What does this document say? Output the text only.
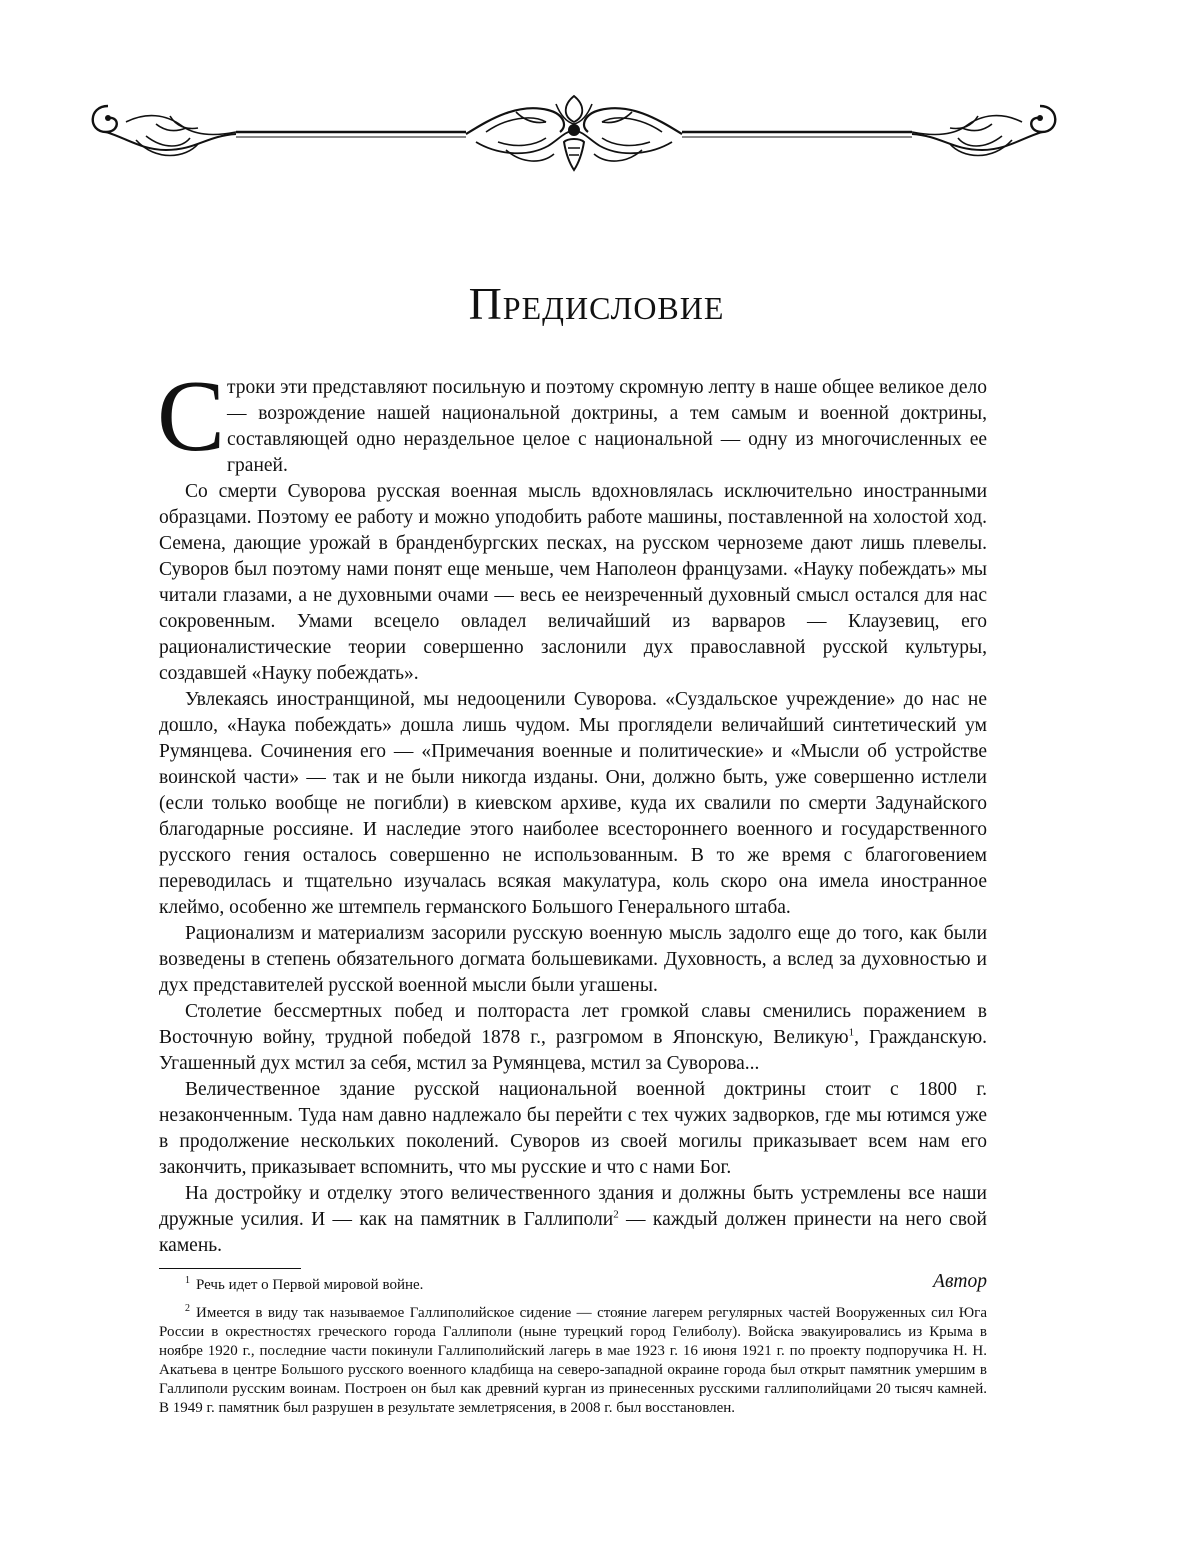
Предисловие

Строки эти представляют посильную и поэтому скромную лепту в наше общее великое дело — возрождение нашей национальной доктрины, а тем самым и военной доктрины, составляющей одно нераздельное целое с национальной — одну из многочисленных ее граней.

Со смерти Суворова русская военная мысль вдохновлялась исключительно иностранными образцами. Поэтому ее работу и можно уподобить работе машины, поставленной на холостой ход. Семена, дающие урожай в бранденбургских песках, на русском черноземе дают лишь плевелы. Суворов был поэтому нами понят еще меньше, чем Наполеон французами. «Науку побеждать» мы читали глазами, а не духовными очами — весь ее неизреченный духовный смысл остался для нас сокровенным. Умами всецело овладел величайший из варваров — Клаузевиц, его рационалистические теории совершенно заслонили дух православной русской культуры, создавшей «Науку побеждать».

Увлекаясь иностранщиной, мы недооценили Суворова. «Суздальское учреждение» до нас не дошло, «Наука побеждать» дошла лишь чудом. Мы проглядели величайший синтетический ум Румянцева. Сочинения его — «Примечания военные и политические» и «Мысли об устройстве воинской части» — так и не были никогда изданы. Они, должно быть, уже совершенно истлели (если только вообще не погибли) в киевском архиве, куда их свалили по смерти Задунайского благодарные россияне. И наследие этого наиболее всестороннего военного и государственного русского гения осталось совершенно не использованным. В то же время с благоговением переводилась и тщательно изучалась всякая макулатура, коль скоро она имела иностранное клеймо, особенно же штемпель германского Большого Генерального штаба.

Рационализм и материализм засорили русскую военную мысль задолго еще до того, как были возведены в степень обязательного догмата большевиками. Духовность, а вслед за духовностью и дух представителей русской военной мысли были угашены.

Столетие бессмертных побед и полтораста лет громкой славы сменились поражением в Восточную войну, трудной победой 1878 г., разгромом в Японскую, Великую$^1$, Гражданскую. Угашенный дух мстил за себя, мстил за Румянцева, мстил за Суворова...

Величественное здание русской национальной военной доктрины стоит с 1800 г. незаконченным. Туда нам давно надлежало бы перейти с тех чужих задворков, где мы ютимся уже в продолжение нескольких поколений. Суворов из своей могилы приказывает всем нам его закончить, приказывает вспомнить, что мы русские и что с нами Бог.

На достройку и отделку этого величественного здания и должны быть устремлены все наши дружные усилия. И — как на памятник в Галлиполи$^2$ — каждый должен принести на него свой камень.

Автор

$^1$ Речь идет о Первой мировой войне.

$^2$ Имеется в виду так называемое Галлиполийское сидение — стояние лагерем регулярных частей Вооруженных сил Юга России в окрестностях греческого города Галлиполи (ныне турецкий город Гелиболу). Войска эвакуировались из Крыма в ноябре 1920 г., последние части покинули Галлиполийский лагерь в мае 1923 г. 16 июня 1921 г. по проекту подпоручика Н. Н. Акатьева в центре Большого русского военного кладбища на северо-западной окраине города был открыт памятник умершим в Галлиполи русским воинам. Построен он был как древний курган из принесенных русскими галлиполийцами 20 тысяч камней. В 1949 г. памятник был разрушен в результате землетрясения, в 2008 г. был восстановлен.
